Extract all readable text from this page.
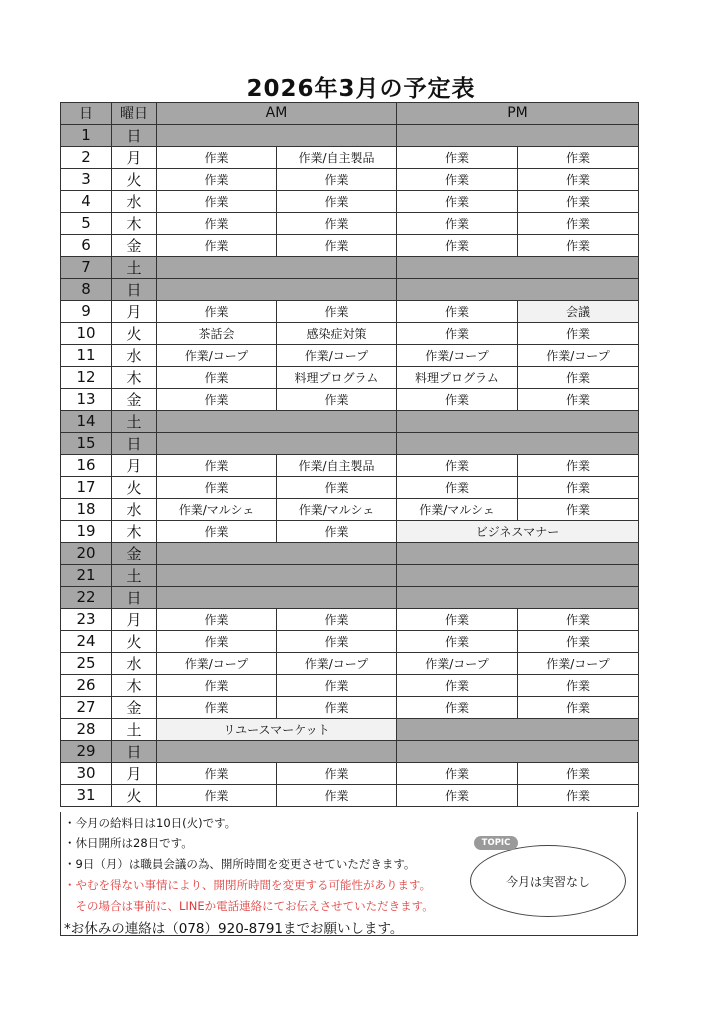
2026年3月の予定表
日	曜日	AM		PM	
1	日				
2	月	作業	作業/自主製品	作業	作業
3	火	作業	作業	作業	作業
4	水	作業	作業	作業	作業
5	木	作業	作業	作業	作業
6	金	作業	作業	作業	作業
7	土				
8	日				
9	月	作業	作業	作業	会議
10	火	茶話会	感染症対策	作業	作業
11	水	作業/コープ	作業/コープ	作業/コープ	作業/コープ
12	木	作業	料理プログラム	料理プログラム	作業
13	金	作業	作業	作業	作業
14	土				
15	日				
16	月	作業	作業/自主製品	作業	作業
17	火	作業	作業	作業	作業
18	水	作業/マルシェ	作業/マルシェ	作業/マルシェ	作業
19	木	作業	作業	ビジネスマナー	
20	金				
21	土				
22	日				
23	月	作業	作業	作業	作業
24	火	作業	作業	作業	作業
25	水	作業/コープ	作業/コープ	作業/コープ	作業/コープ
26	木	作業	作業	作業	作業
27	金	作業	作業	作業	作業
28	土	リユースマーケット			
29	日				
30	月	作業	作業	作業	作業
31	火	作業	作業	作業	作業
・今月の給料日は10日(火)です。
・休日開所は28日です。
・9日（月）は職員会議の為、開所時間を変更させていただきます。
・やむを得ない事情により、開閉所時間を変更する可能性があります。
　その場合は事前に、LINEか電話連絡にてお伝えさせていただきます。
*お休みの連絡は（078）920-8791までお願いします。
TOPIC
今月は実習なし
